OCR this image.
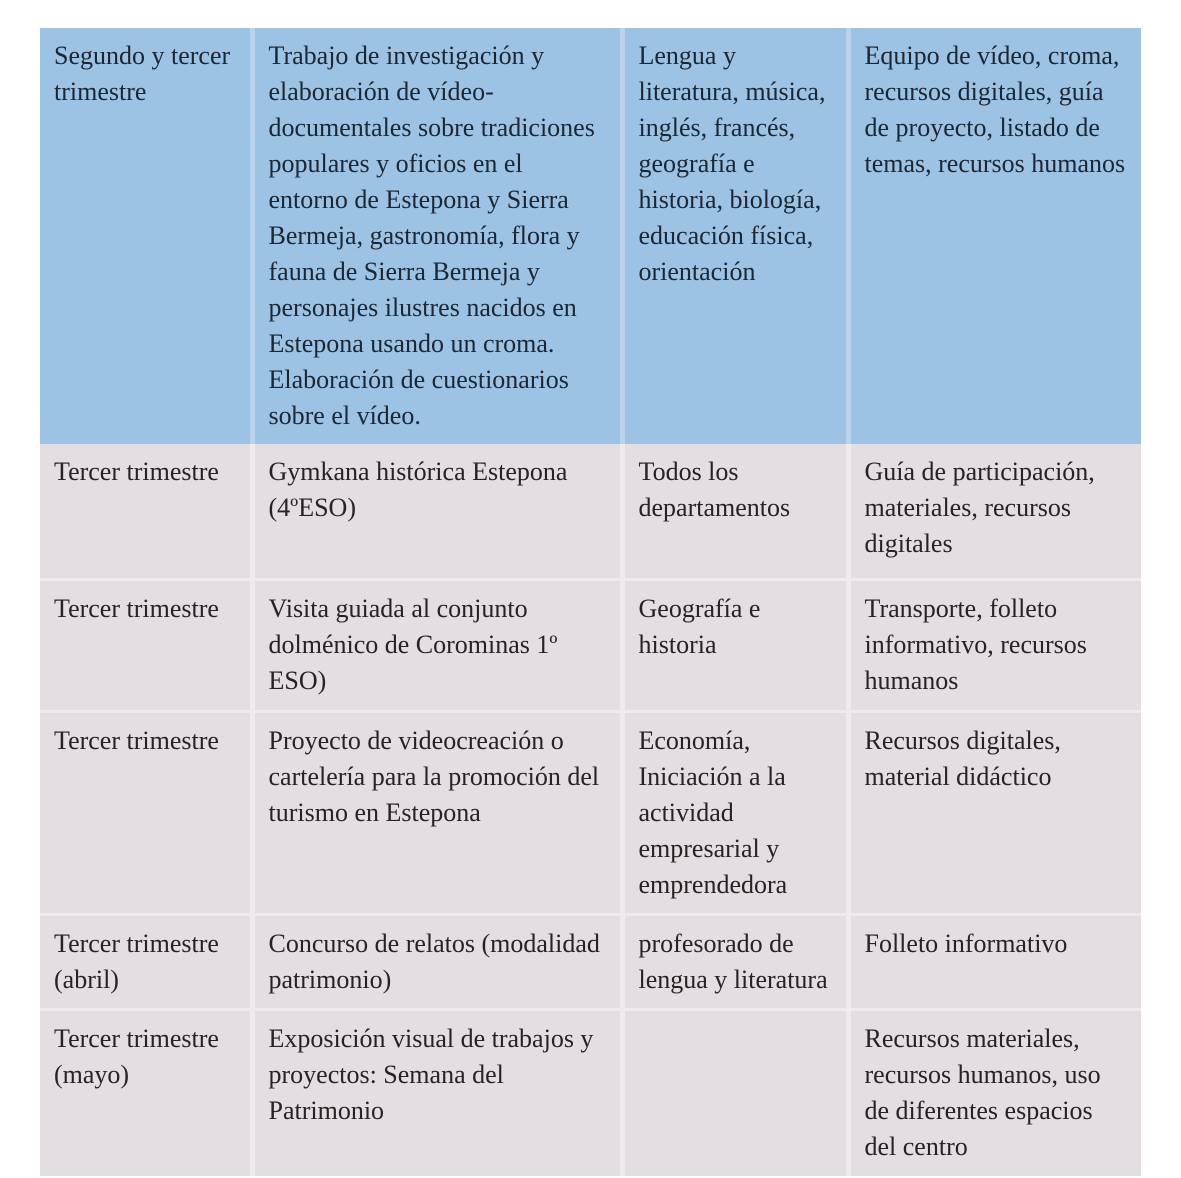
Segundo y tercer trimestre	Trabajo de investigación y elaboración de vídeo-documentales sobre tradiciones populares y oficios en el entorno de Estepona y Sierra Bermeja, gastronomía, flora y fauna de Sierra Bermeja y personajes ilustres nacidos en Estepona usando un croma. Elaboración de cuestionarios sobre el vídeo.	Lengua y literatura, música, inglés, francés, geografía e historia, biología, educación física, orientación	Equipo de vídeo, croma, recursos digitales, guía de proyecto, listado de temas, recursos humanos
Tercer trimestre	Gymkana histórica Estepona (4ºESO)	Todos los departamentos	Guía de participación, materiales, recursos digitales
Tercer trimestre	Visita guiada al conjunto dolménico de Corominas 1º ESO)	Geografía e historia	Transporte, folleto informativo, recursos humanos
Tercer trimestre	Proyecto de videocreación o cartelería para la promoción del turismo en Estepona	Economía, Iniciación a la actividad empresarial y emprendedora	Recursos digitales, material didáctico
Tercer trimestre (abril)	Concurso de relatos (modalidad patrimonio)	profesorado de lengua y literatura	Folleto informativo
Tercer trimestre (mayo)	Exposición visual de trabajos y proyectos: Semana del Patrimonio		Recursos materiales, recursos humanos, uso de diferentes espacios del centro
